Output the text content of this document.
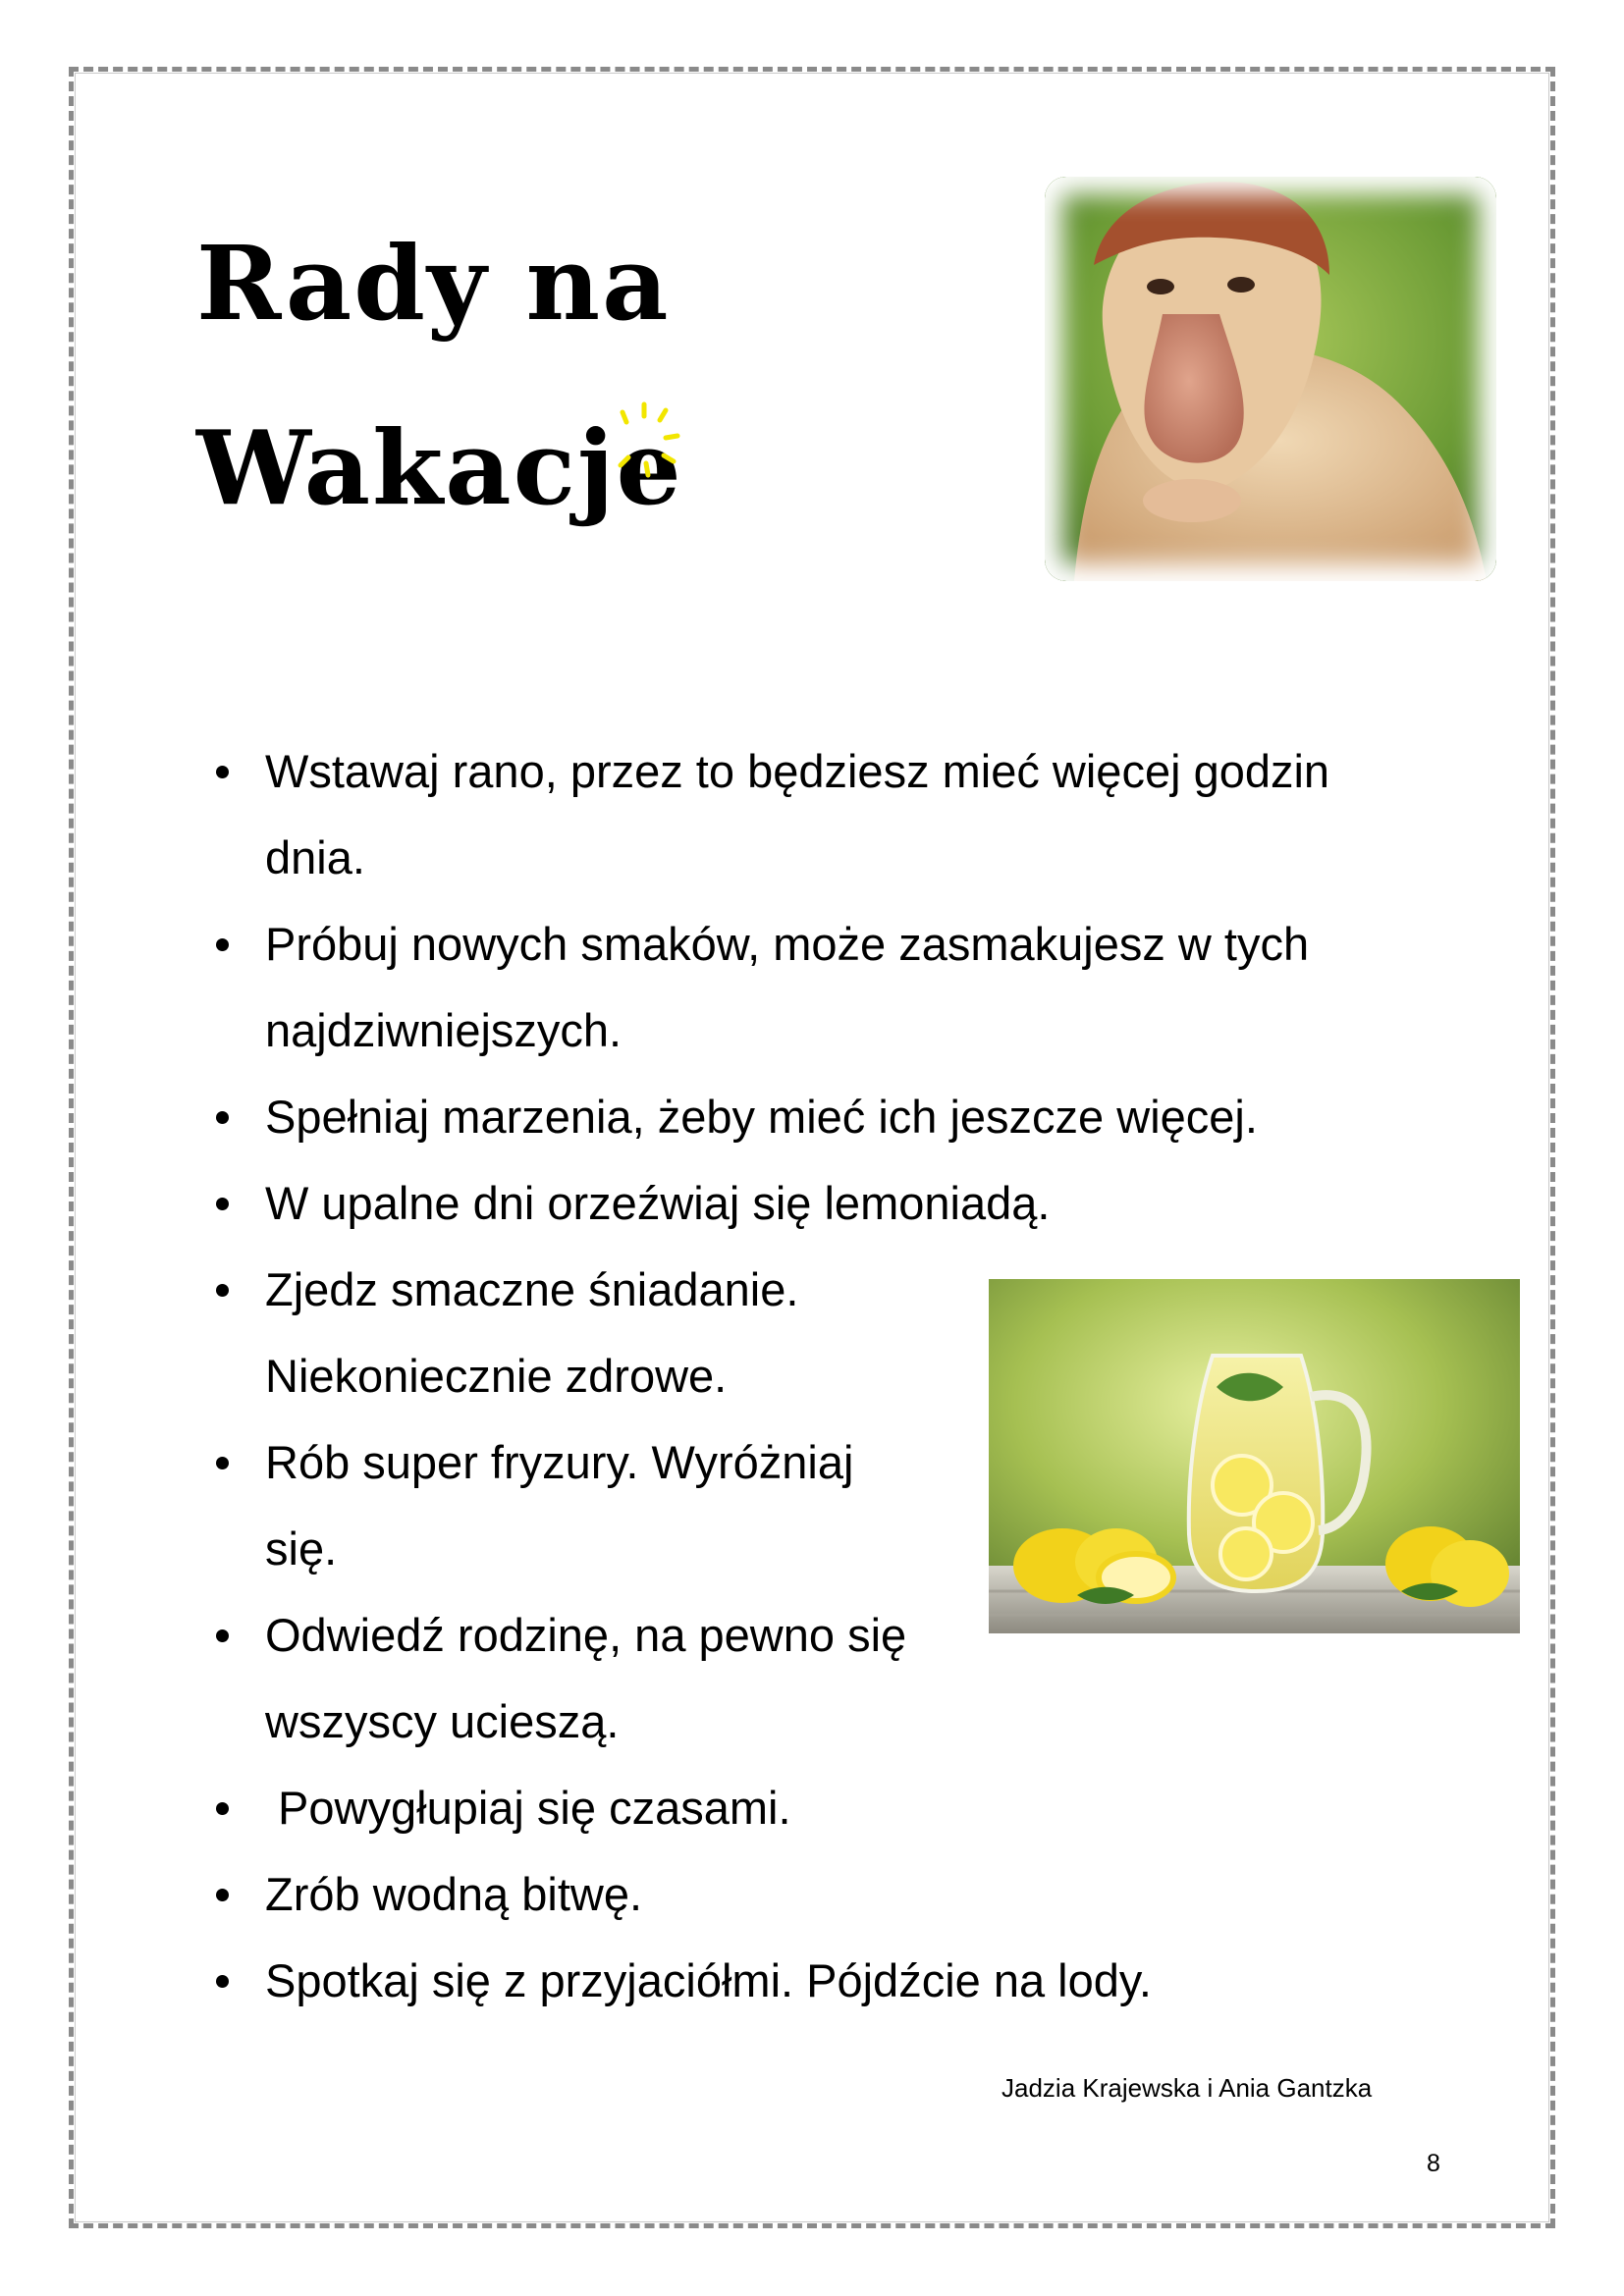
Rady na
Wakacje
Wstawaj rano, przez to będziesz mieć więcej godzin
dnia.
Próbuj nowych smaków, może zasmakujesz w tych
najdziwniejszych.
Spełniaj marzenia, żeby mieć ich jeszcze więcej.
W upalne dni orzeźwiaj się lemoniadą.
Zjedz smaczne śniadanie.
Niekoniecznie zdrowe.
Rób super fryzury. Wyróżniaj
się.
Odwiedź rodzinę, na pewno się
wszyscy ucieszą.
Powygłupiaj się czasami.
Zrób wodną bitwę.
Spotkaj się z przyjaciółmi. Pójdźcie na lody.
Jadzia Krajewska i Ania Gantzka
8
